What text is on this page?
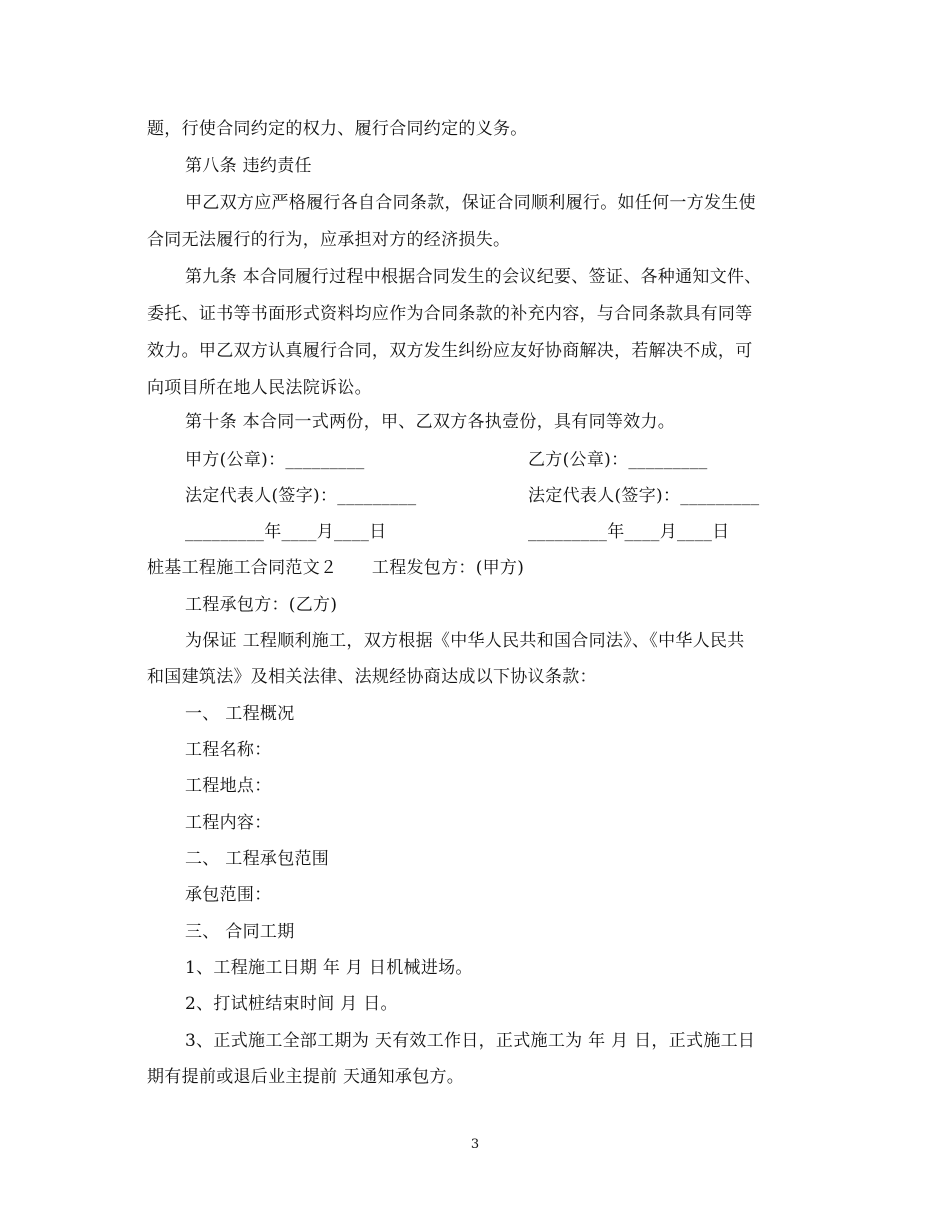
题，行使合同约定的权力、履行合同约定的义务。
第八条 违约责任
甲乙双方应严格履行各自合同条款，保证合同顺利履行。如任何一方发生使
合同无法履行的行为，应承担对方的经济损失。
第九条 本合同履行过程中根据合同发生的会议纪要、签证、各种通知文件、
委托、证书等书面形式资料均应作为合同条款的补充内容，与合同条款具有同等
效力。甲乙双方认真履行合同，双方发生纠纷应友好协商解决，若解决不成，可
向项目所在地人民法院诉讼。
第十条 本合同一式两份，甲、乙双方各执壹份，具有同等效力。
甲方(公章)：_________	乙方(公章)：_________
法定代表人(签字)：_________	法定代表人(签字)：_________
_________年____月____日	_________年____月____日
桩基工程施工合同范文２　　工程发包方：(甲方)
工程承包方：(乙方)
为保证 工程顺利施工，双方根据《中华人民共和国合同法》、《中华人民共
和国建筑法》及相关法律、法规经协商达成以下协议条款：
一、 工程概况
工程名称：
工程地点：
工程内容：
二、 工程承包范围
承包范围：
三、 合同工期
1、工程施工日期 年 月 日机械进场。
2、打试桩结束时间 月 日。
3、正式施工全部工期为 天有效工作日，正式施工为 年 月 日，正式施工日
期有提前或退后业主提前 天通知承包方。
3
